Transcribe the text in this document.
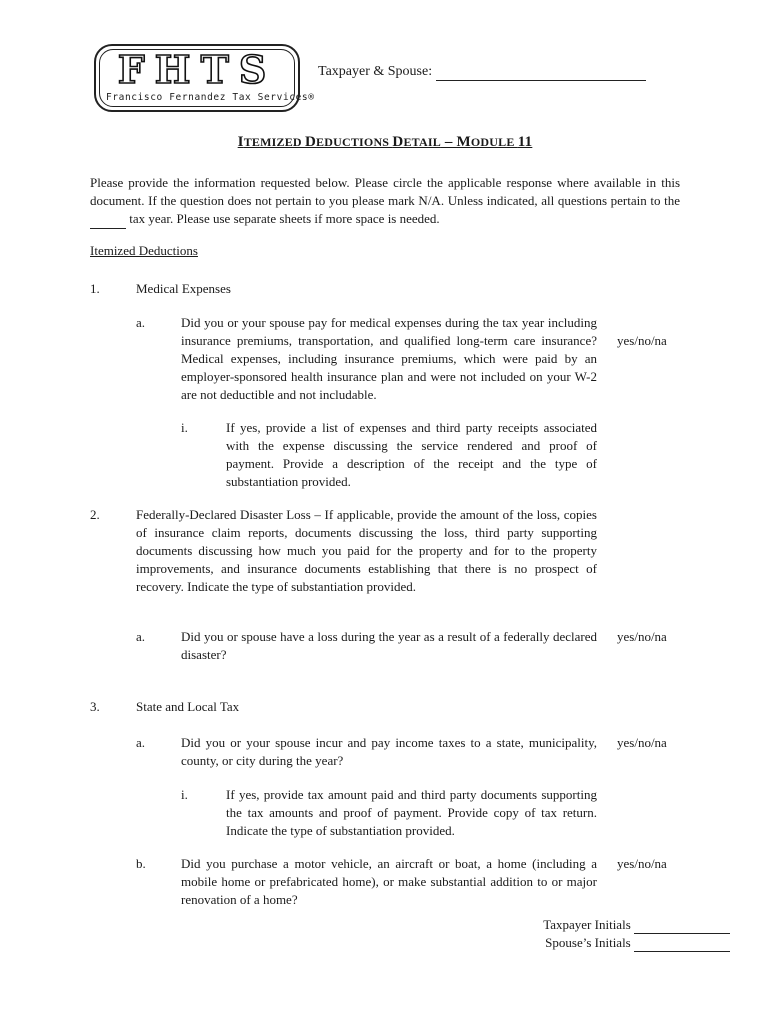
FHTS
Francisco Fernandez Tax Services®
Taxpayer & Spouse:
ITEMIZED DEDUCTIONS DETAIL – MODULE 11
Please provide the information requested below. Please circle the applicable response where available in this document. If the question does not pertain to you please mark N/A. Unless indicated, all questions pertain to the   tax year. Please use separate sheets if more space is needed.
Itemized Deductions
1.	Medical Expenses
a.	Did you or your spouse pay for medical expenses during the tax year including insurance premiums, transportation, and qualified long-term care insurance? Medical expenses, including insurance premiums, which were paid by an employer-sponsored health insurance plan and were not included on your W-2 are not deductible and not includable.
yes/no/na
i.	If yes, provide a list of expenses and third party receipts associated with the expense discussing the service rendered and proof of payment. Provide a description of the receipt and the type of substantiation provided.
2.	Federally-Declared Disaster Loss – If applicable, provide the amount of the loss, copies of insurance claim reports, documents discussing the loss, third party supporting documents discussing how much you paid for the property and for to the property improvements, and insurance documents establishing that there is no prospect of recovery. Indicate the type of substantiation provided.
a.	Did you or spouse have a loss during the year as a result of a federally declared disaster?
yes/no/na
3.	State and Local Tax
a.	Did you or your spouse incur and pay income taxes to a state, municipality, county, or city during the year?
yes/no/na
i.	If yes, provide tax amount paid and third party documents supporting the tax amounts and proof of payment. Provide copy of tax return. Indicate the type of substantiation provided.
b.	Did you purchase a motor vehicle, an aircraft or boat, a home (including a mobile home or prefabricated home), or make substantial addition to or major renovation of a home?
yes/no/na
Taxpayer Initials
Spouse’s Initials
